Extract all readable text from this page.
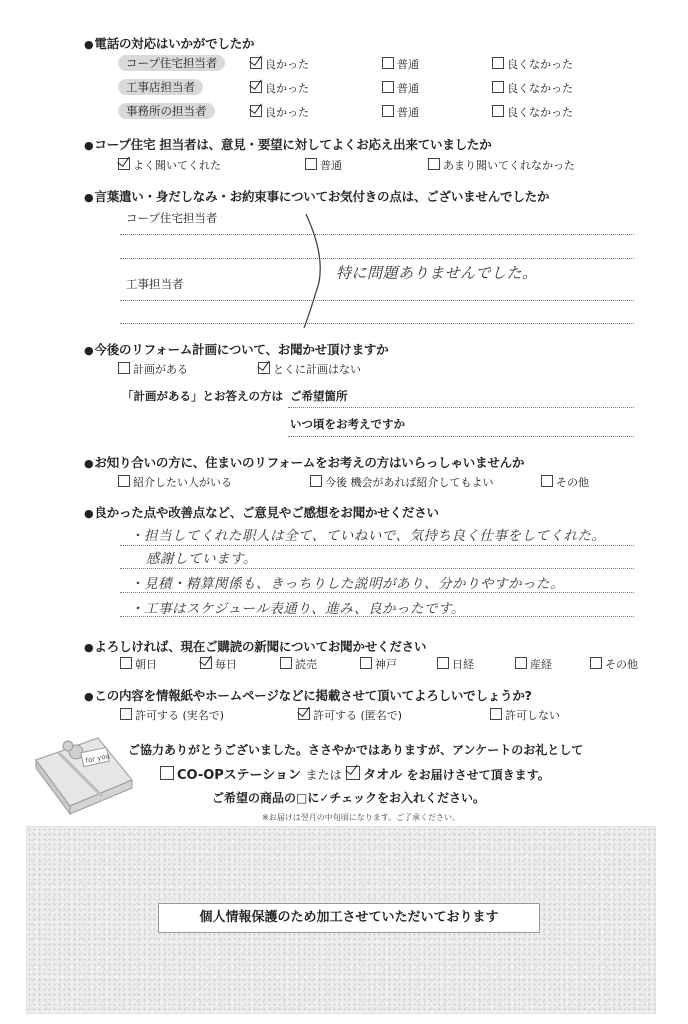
● 電話の対応はいかがでしたか
コープ住宅担当者	良かった	普通	良くなかった
工事店担当者	良かった	普通	良くなかった
事務所の担当者	良かった	普通	良くなかった
● コープ住宅 担当者は、意見・要望に対してよくお応え出来ていましたか
よく聞いてくれた	普通	あまり聞いてくれなかった
● 言葉遣い・身だしなみ・お約束事についてお気付きの点は、ございませんでしたか
コープ住宅担当者
工事担当者
特に問題ありませんでした。
● 今後のリフォーム計画について、お聞かせ頂けますか
計画がある	とくに計画はない
「計画がある」とお答えの方は ご希望箇所
いつ頃をお考えですか
● お知り合いの方に、住まいのリフォームをお考えの方はいらっしゃいませんか
紹介したい人がいる	今後 機会があれば紹介してもよい	その他
● 良かった点や改善点など、ご意見やご感想をお聞かせください
・担当してくれた职人は全て、ていねいで、気持ち良く仕事をしてくれた。
感謝しています。
・見積・精算関係も、きっちりした説明があり、分かりやすかった。
・工事はスケジュール表通り、進み、良かったです。
● よろしければ、現在ご購読の新聞についてお聞かせください
朝日	毎日	読売	神戸	日経	産経	その他
● この内容を情報紙やホームページなどに掲載させて頂いてよろしいでしょうか?
許可する (実名で)	許可する (匿名で)	許可しない
for you
ご協力ありがとうございました。ささやかではありますが、アンケートのお礼として
CO-OPステーション または タオル をお届けさせて頂きます。
ご希望の商品の□に✓チェックをお入れください。
※お届けは翌月の中旬頃になります。ご了承ください。
個人情報保護のため加工させていただいております
